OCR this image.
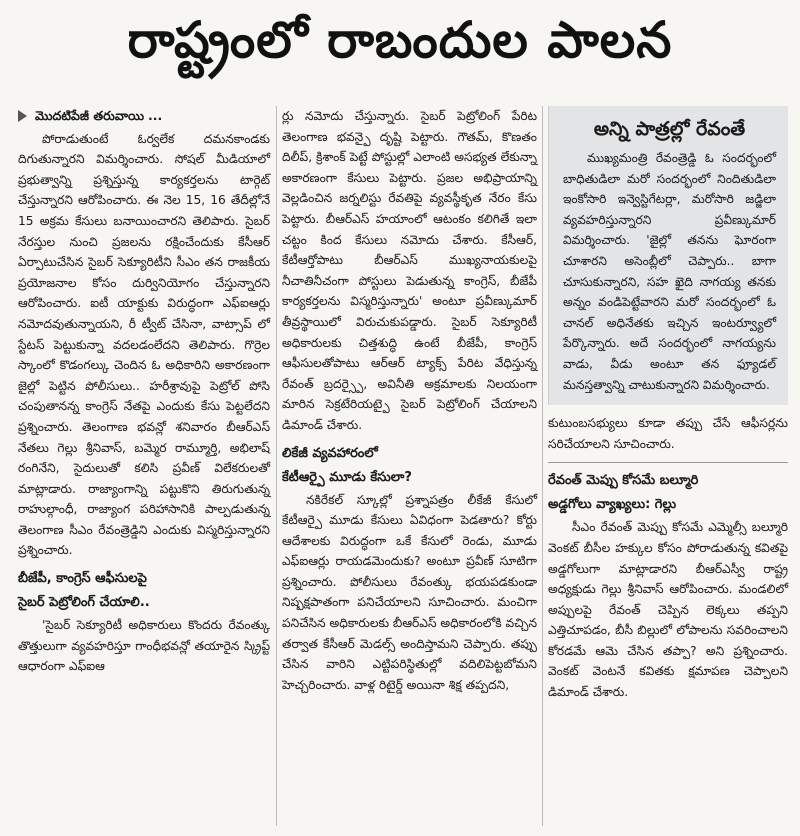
రాష్ట్రంలో రాబందుల పాలన
మొదటిపేజీ తరువాయి ...

పోరాడుతుంటే ఓర్వలేక దమనకాండకు దిగుతున్నారని విమర్శించారు. సోషల్ మీడియాలో ప్రభుత్వాన్ని ప్రశ్నిస్తున్న కార్యకర్తలను టార్గెట్ చేస్తున్నారని ఆరోపించారు. ఈ నెల 15, 16 తేదీల్లోనే 15 అక్రమ కేసులు బనాయించారని తెలిపారు. సైబర్ నేరస్తుల నుంచి ప్రజలను రక్షించేందుకు కేసీఆర్ ఏర్పాటుచేసిన సైబర్ సెక్యూరిటీని సీఎం తన రాజకీయ ప్రయోజనాల కోసం దుర్వినియోగం చేస్తున్నారని ఆరోపించారు. ఐటీ యాక్టుకు విరుద్ధంగా ఎఫ్ఐఆర్లు నమోదవుతున్నాయని, రీ ట్వీట్ చేసినా, వాట్సాప్ లో స్టేటస్ పెట్టుకున్నా వదలడంలేదని తెలిపారు. గొర్రెల స్కాంలో కొడంగల్కు చెందిన ఓ అధికారిని అకారణంగా జైల్లో పెట్టిన పోలీసులు.. హరీశ్రావుపై పెట్రోల్ పోసి చంపుతానన్న కాంగ్రెస్ నేతపై ఎందుకు కేసు పెట్టలేదని ప్రశ్నించారు. తెలంగాణ భవన్లో శనివారం బీఆర్ఎస్ నేతలు గెల్లు శ్రీనివాస్, బమ్మెర రామ్మూర్తి, అభిలాష్ రంగినేని, సైదులుతో కలిసి ప్రవీణ్ విలేకరులతో మాట్లాడారు. రాజ్యాంగాన్ని పట్టుకొని తిరుగుతున్న రాహుల్గాంధీ, రాజ్యాంగ పరిహాసానికి పాల్పడుతున్న తెలంగాణ సీఎం రేవంత్రెడ్డిని ఎందుకు విస్మరిస్తున్నారని ప్రశ్నించారు.

బీజేపీ, కాంగ్రెస్ ఆఫీసులపై
సైబర్ పెట్రోలింగ్ చేయాలి..

'సైబర్ సెక్యూరిటీ అధికారులు కొందరు రేవంత్కు తొత్తులుగా వ్యవహరిస్తూ గాంధీభవన్లో తయారైన స్క్రిప్ట్ ఆధారంగా ఎఫ్ఐఆ

ర్లు నమోదు చేస్తున్నారు. సైబర్ పెట్రోలింగ్ పేరిట తెలంగాణ భవన్పై దృష్టి పెట్టారు. గౌతమ్, కొణతం దిలీప్, క్రిశాంక్ పెట్టే పోస్టుల్లో ఎలాంటి అసభ్యత లేకున్నా అకారణంగా కేసులు పెట్టారు. ప్రజల అభిప్రాయాన్ని వెల్లడించిన జర్నలిస్టు రేవతిపై వ్యవస్థీకృత నేరం కేసు పెట్టారు. బీఆర్ఎస్ హయాంలో ఆటంకం కలిగితే ఇలా చట్టం కింద కేసులు నమోదు చేశారు. కేసీఆర్, కేటీఆర్తోపాటు బీఆర్ఎస్ ముఖ్యనాయకులపై నీచాతినీచంగా పోస్టులు పెడుతున్న కాంగ్రెస్, బీజేపీ కార్యకర్తలను విస్మరిస్తున్నారు' అంటూ ప్రవీణ్కుమార్ తీవ్రస్థాయిలో విరుచుకుపడ్డారు. సైబర్ సెక్యూరిటీ అధికారులకు చిత్తశుద్ధి ఉంటే బీజేపీ, కాంగ్రెస్ ఆఫీసులతోపాటు ఆర్ఆర్ ట్యాక్స్ పేరిట వేధిస్తున్న రేవంత్ బ్రదర్స్పై, అవినీతి అక్రమాలకు నిలయంగా మారిన సెక్రటేరియట్పై సైబర్ పెట్రోలింగ్ చేయాలని డిమాండ్ చేశారు.

లికేజీ వ్యవహారంలో
కేటీఆర్పై మూడు కేసులా?

నకిరేకల్ స్కూల్లో ప్రశ్నాపత్రం లీకేజీ కేసులో కేటీఆర్పై మూడు కేసులు ఏవిధంగా పెడతారు? కోర్టు ఆదేశాలకు విరుద్ధంగా ఒకే కేసులో రెండు, మూడు ఎఫ్ఐఆర్లు రాయడమెందుకు? అంటూ ప్రవీణ్ సూటిగా ప్రశ్నించారు. పోలీసులు రేవంత్కు భయపడకుండా నిష్పక్షపాతంగా పనిచేయాలని సూచించారు. మంచిగా పనిచేసిన అధికారులకు బీఆర్ఎస్ అధికారంలోకి వచ్చిన తర్వాత కేసీఆర్ మెడల్స్ అందిస్తామని చెప్పారు. తప్పు చేసిన వారిని ఎట్టిపరిస్థితుల్లో వదిలిపెట్టబోమని హెచ్చరించారు. వాళ్ల రిటైర్డ్ అయినా శిక్ష తప్పదని,

అన్ని పాత్రల్లో రేవంతే

ముఖ్యమంత్రి రేవంత్రెడ్డి ఓ సందర్భంలో బాధితుడిలా మరో సందర్భంలో నిందితుడిలా ఇంకోసారి ఇన్వెస్టిగేటర్లా, మరోసారి జడ్జిలా వ్యవహరిస్తున్నారని ప్రవీణ్కుమార్ విమర్శించారు. 'జైల్లో తనను ఘోరంగా చూశారని అసెంబ్లీలో చెప్పారు.. బాగా చూసుకున్నారని, సహ ఖైది నాగయ్య తనకు అన్నం వండిపెట్టేవారని మరో సందర్భంలో ఓ చానల్ అధినేతకు ఇచ్చిన ఇంటర్వ్యూలో పేర్కొన్నారు. అదే సందర్భంలో నాగయ్యను వాడు, వీడు అంటూ తన ఫ్యూడల్ మనస్తత్వాన్ని చాటుకున్నారని విమర్శించారు.

కుటుంబసభ్యులు కూడా తప్పు చేసే ఆఫీసర్లను సరిచేయాలని సూచించారు.

రేవంత్ మెప్పు కోసమే బల్మూరి
అడ్డగోలు వ్యాఖ్యలు: గెల్లు

సీఎం రేవంత్ మెప్పు కోసమే ఎమ్మెల్సీ బల్మూరి వెంకట్ బీసీల హక్కుల కోసం పోరాడుతున్న కవితపై అడ్డగోలుగా మాట్లాడారని బీఆర్ఎస్వీ రాష్ట్ర అధ్యక్షుడు గెల్లు శ్రీనివాస్ ఆరోపించారు. మండలిలో అప్పులపై రేవంత్ చెప్పిన లెక్కలు తప్పని ఎత్తిచూపడం, బీసీ బిల్లులో లోపాలను సవరించాలని కోరడమే ఆమె చేసిన తప్పా? అని ప్రశ్నించారు. వెంకట్ వెంటనే కవితకు క్షమాపణ చెప్పాలని డిమాండ్ చేశారు.
